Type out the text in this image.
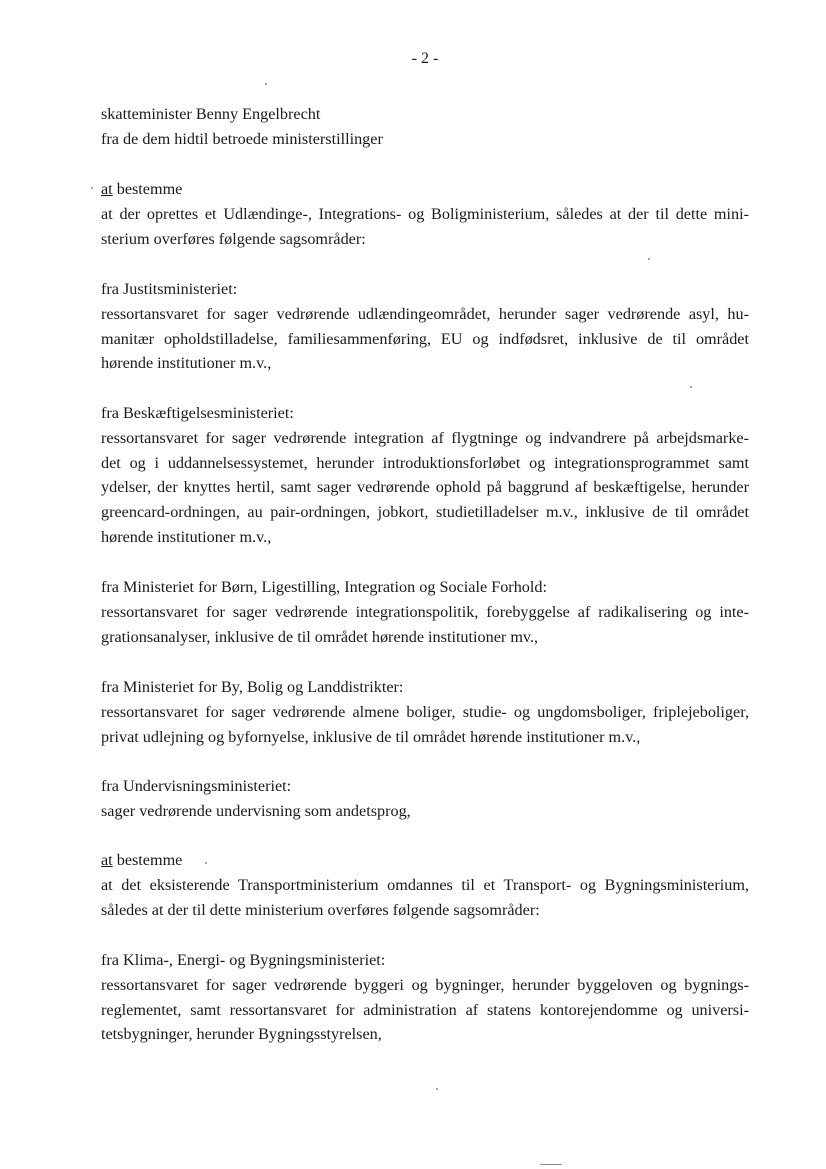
- 2 -
skatteminister Benny Engelbrecht
fra de dem hidtil betroede ministerstillinger
at bestemme
at der oprettes et Udlændinge-, Integrations- og Boligministerium, således at der til dette mini-
sterium overføres følgende sagsområder:
fra Justitsministeriet:
ressortansvaret for sager vedrørende udlændingeområdet, herunder sager vedrørende asyl, hu-
manitær opholdstilladelse, familiesammenføring, EU og indfødsret, inklusive de til området
hørende institutioner m.v.,
fra Beskæftigelsesministeriet:
ressortansvaret for sager vedrørende integration af flygtninge og indvandrere på arbejdsmarke-
det og i uddannelsessystemet, herunder introduktionsforløbet og integrationsprogrammet samt
ydelser, der knyttes hertil, samt sager vedrørende ophold på baggrund af beskæftigelse, herunder
greencard-ordningen, au pair-ordningen, jobkort, studietilladelser m.v., inklusive de til området
hørende institutioner m.v.,
fra Ministeriet for Børn, Ligestilling, Integration og Sociale Forhold:
ressortansvaret for sager vedrørende integrationspolitik, forebyggelse af radikalisering og inte-
grationsanalyser, inklusive de til området hørende institutioner mv.,
fra Ministeriet for By, Bolig og Landdistrikter:
ressortansvaret for sager vedrørende almene boliger, studie- og ungdomsboliger, friplejeboliger,
privat udlejning og byfornyelse, inklusive de til området hørende institutioner m.v.,
fra Undervisningsministeriet:
sager vedrørende undervisning som andetsprog,
at bestemme
at det eksisterende Transportministerium omdannes til et Transport- og Bygningsministerium,
således at der til dette ministerium overføres følgende sagsområder:
fra Klima-, Energi- og Bygningsministeriet:
ressortansvaret for sager vedrørende byggeri og bygninger, herunder byggeloven og bygnings-
reglementet, samt ressortansvaret for administration af statens kontorejendomme og universi-
tetsbygninger, herunder Bygningsstyrelsen,
